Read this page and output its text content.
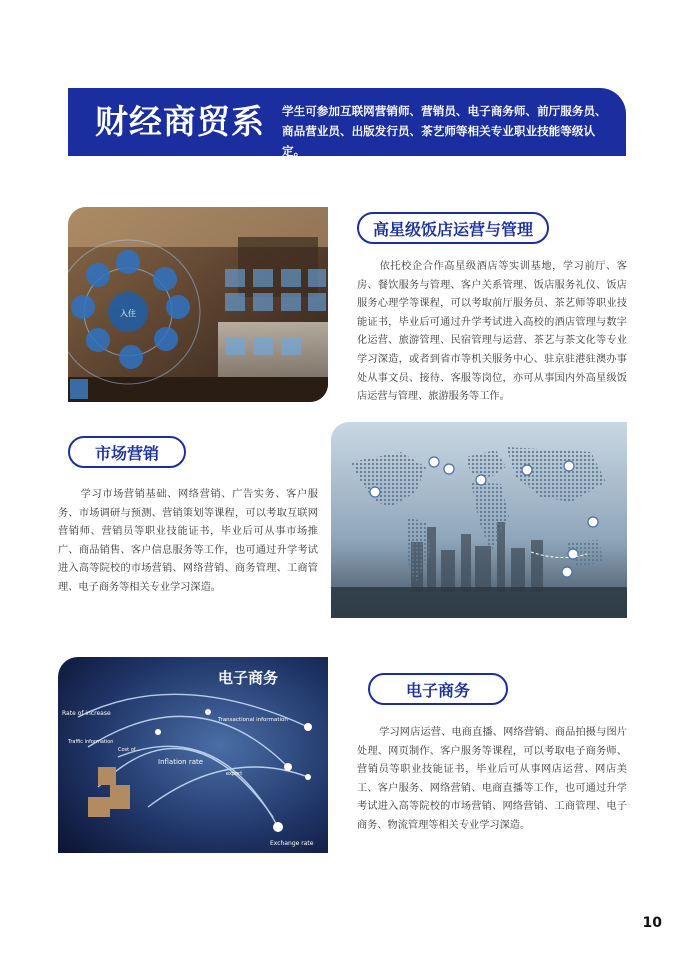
财经商贸系 学生可参加互联网营销师、营销员、电子商务师、前厅服务员、
商品营业员、出版发行员、茶艺师等相关专业职业技能等级认定。
入住
高星级饭店运营与管理
依托校企合作高星级酒店等实训基地，学习前厅、客房、餐饮服务与管理、客户关系管理、饭店服务礼仪、饭店服务心理学等课程，可以考取前厅服务员、茶艺师等职业技能证书，毕业后可通过升学考试进入高校的酒店管理与数字化运营、旅游管理、民宿管理与运营、茶艺与茶文化等专业学习深造，或者到省市等机关服务中心、驻京驻港驻澳办事处从事文员、接待、客服等岗位，亦可从事国内外高星级饭店运营与管理、旅游服务等工作。
市场营销
学习市场营销基础、网络营销、广告实务、客户服务、市场调研与预测、营销策划等课程，可以考取互联网营销师、营销员等职业技能证书，毕业后可从事市场推广、商品销售、客户信息服务等工作，也可通过升学考试进入高等院校的市场营销、网络营销、商务管理、工商管理、电子商务等相关专业学习深造。
电子商务
Rate of increase
Transactional information
Inflation rate
Exchange rate
Cost of...
Traffic information
export
电子商务
学习网店运营、电商直播、网络营销、商品拍摄与图片处理、网页制作、客户服务等课程，可以考取电子商务师、营销员等职业技能证书，毕业后可从事网店运营、网店美工、客户服务、网络营销、电商直播等工作，也可通过升学考试进入高等院校的市场营销、网络营销、工商管理、电子商务、物流管理等相关专业学习深造。
10
